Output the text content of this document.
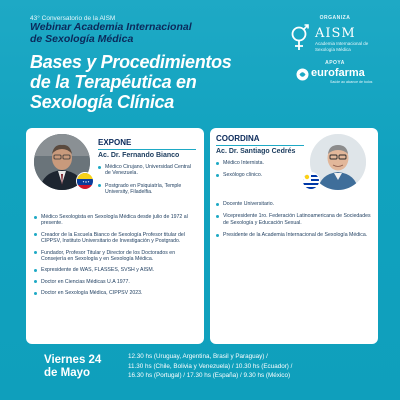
43° Conversatorio de la AISM
Webinar Academia Internacional
de Sexología Médica
Bases y Procedimientos
de la Terapéutica en
Sexología Clínica
ORGANIZA
AISM
Academia Internacional de Sexología Médica
APOYA
eurofarma
Saúde ao alcance de todos
EXPONE
Ac. Dr. Fernando Bianco
Médico Cirujano, Universidad Central de Venezuela.
Postgrado en Psiquiatría, Temple University, Filadelfia.
Médico Sexologista en Sexología Médica desde julio de 1972 al presente.
Creador de la Escuela Bianco de Sexología Profesor titular del CIPPSV, Instituto Universitario de Investigación y Postgrado.
Fundador, Profesor Titular y Director de los Doctorados en Consejería en Sexología y en Sexología Médica.
Expresidente de WAS, FLASSES, SVSH y AISM.
Doctor en Ciencias Médicas U.A 1977.
Doctor en Sexología Médica, CIPPSV 2023.
COORDINA
Ac. Dr. Santiago Cedrés
Médico Internista.
Sexólogo clínico.
Docente Universitario.
Vicepresidente 1ro. Federación Latinoamericana de Sociedades de Sexología y Educación Sexual.
Presidente de la Academia Internacional de Sexología Médica.
Viernes 24
de Mayo

12.30 hs (Uruguay, Argentina, Brasil y Paraguay) /

11.30 hs (Chile, Bolivia y Venezuela) / 10.30 hs (Ecuador) /

16.30 hs (Portugal) / 17.30 hs (España) / 9.30 hs (México)
